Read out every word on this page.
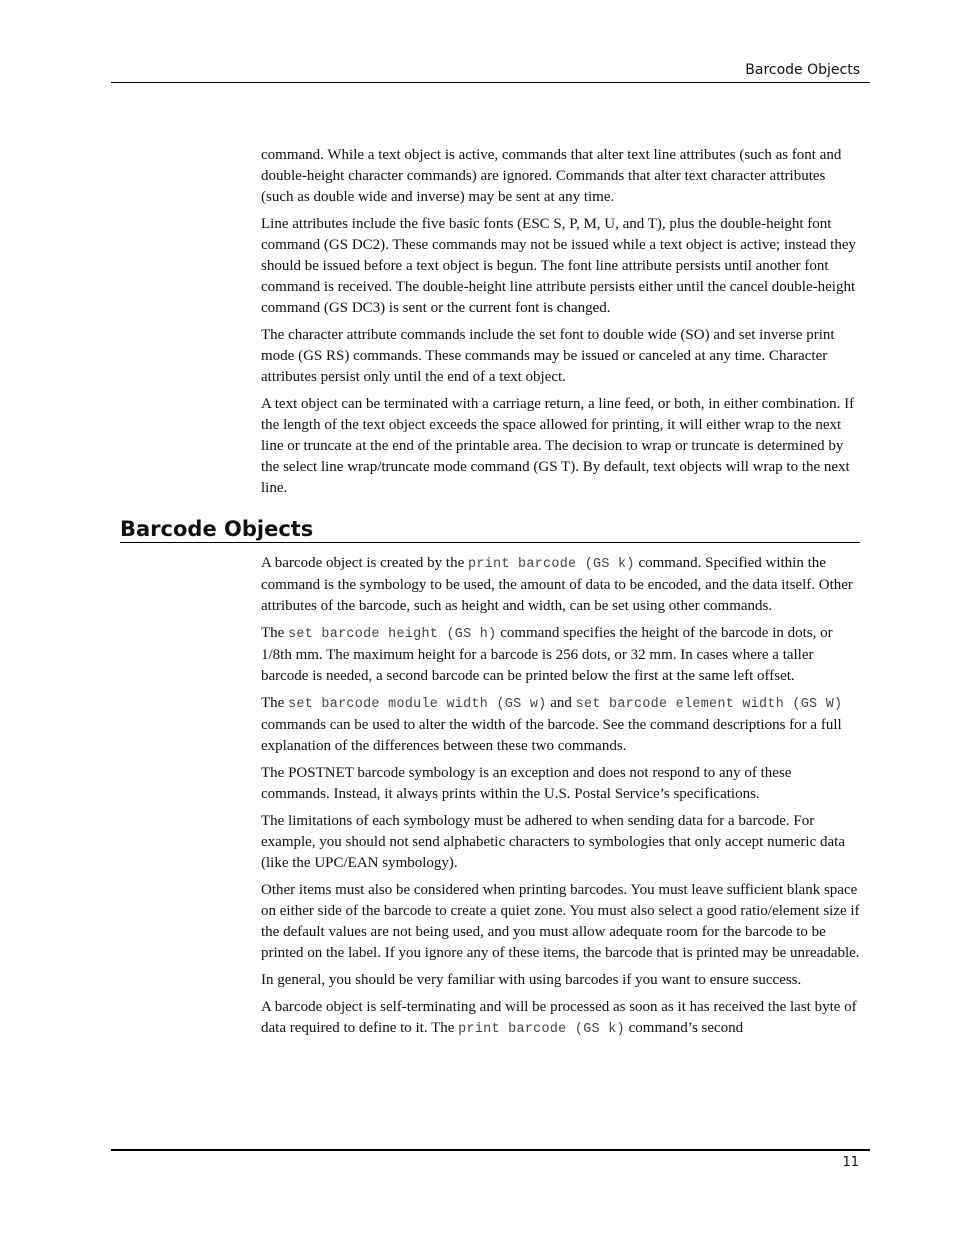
Barcode Objects

command. While a text object is active, commands that alter text line attributes (such as font and double-height character commands) are ignored. Commands that alter text character attributes (such as double wide and inverse) may be sent at any time.

Line attributes include the five basic fonts (ESC S, P, M, U, and T), plus the double-height font command (GS DC2). These commands may not be issued while a text object is active; instead they should be issued before a text object is begun. The font line attribute persists until another font command is received. The double-height line attribute persists either until the cancel double-height command (GS DC3) is sent or the current font is changed.

The character attribute commands include the set font to double wide (SO) and set inverse print mode (GS RS) commands. These commands may be issued or canceled at any time. Character attributes persist only until the end of a text object.

A text object can be terminated with a carriage return, a line feed, or both, in either combination. If the length of the text object exceeds the space allowed for printing, it will either wrap to the next line or truncate at the end of the printable area. The decision to wrap or truncate is determined by the select line wrap/truncate mode command (GS T). By default, text objects will wrap to the next line.

Barcode Objects

A barcode object is created by the print barcode (GS k) command. Specified within the command is the symbology to be used, the amount of data to be encoded, and the data itself. Other attributes of the barcode, such as height and width, can be set using other commands.

The set barcode height (GS h) command specifies the height of the barcode in dots, or 1/8th mm. The maximum height for a barcode is 256 dots, or 32 mm. In cases where a taller barcode is needed, a second barcode can be printed below the first at the same left offset.

The set barcode module width (GS w) and set barcode element width (GS W) commands can be used to alter the width of the barcode. See the command descriptions for a full explanation of the differences between these two commands.

The POSTNET barcode symbology is an exception and does not respond to any of these commands. Instead, it always prints within the U.S. Postal Service’s specifications.

The limitations of each symbology must be adhered to when sending data for a barcode. For example, you should not send alphabetic characters to symbologies that only accept numeric data (like the UPC/EAN symbology).

Other items must also be considered when printing barcodes. You must leave sufficient blank space on either side of the barcode to create a quiet zone. You must also select a good ratio/element size if the default values are not being used, and you must allow adequate room for the barcode to be printed on the label. If you ignore any of these items, the barcode that is printed may be unreadable.

In general, you should be very familiar with using barcodes if you want to ensure success.

A barcode object is self-terminating and will be processed as soon as it has received the last byte of data required to define to it. The print barcode (GS k) command’s second

11
